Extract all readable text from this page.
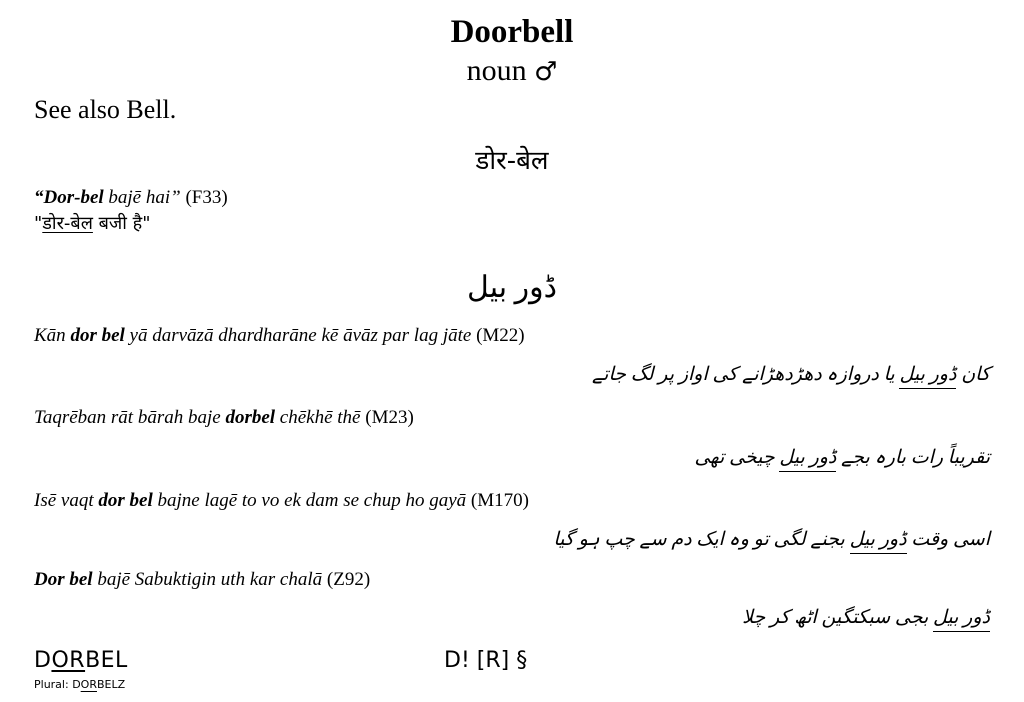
Doorbell
noun ♂
See also Bell.
डोर-बेल
“Dor-bel bajē hai” (F33)
"डोर-बेल बजी है"
ڈور بیل
Kān dor bel yā darvāzā dhardharāne kē āvāz par lag jāte (M22)
کان ڈور بیل یا دروازہ دھڑدھڑانے کی اواز پر لگ جاتے
Taqrēban rāt bārah baje dorbel chēkhē thē (M23)
تقریباً رات بارہ بجے ڈور بیل چیخی تھی
Isē vaqt dor bel bajne lagē to vo ek dam se chup ho gayā (M170)
اسی وقت ڈور بیل بجنے لگی تو وہ ایک دم سے چپ ہو گیا
Dor bel bajē Sabuktigin uth kar chalā (Z92)
ڈور بیل بجی سبکتگین اٹھ کر چلا
DORBEL	D! [R] §
Plural: DORBELZ
